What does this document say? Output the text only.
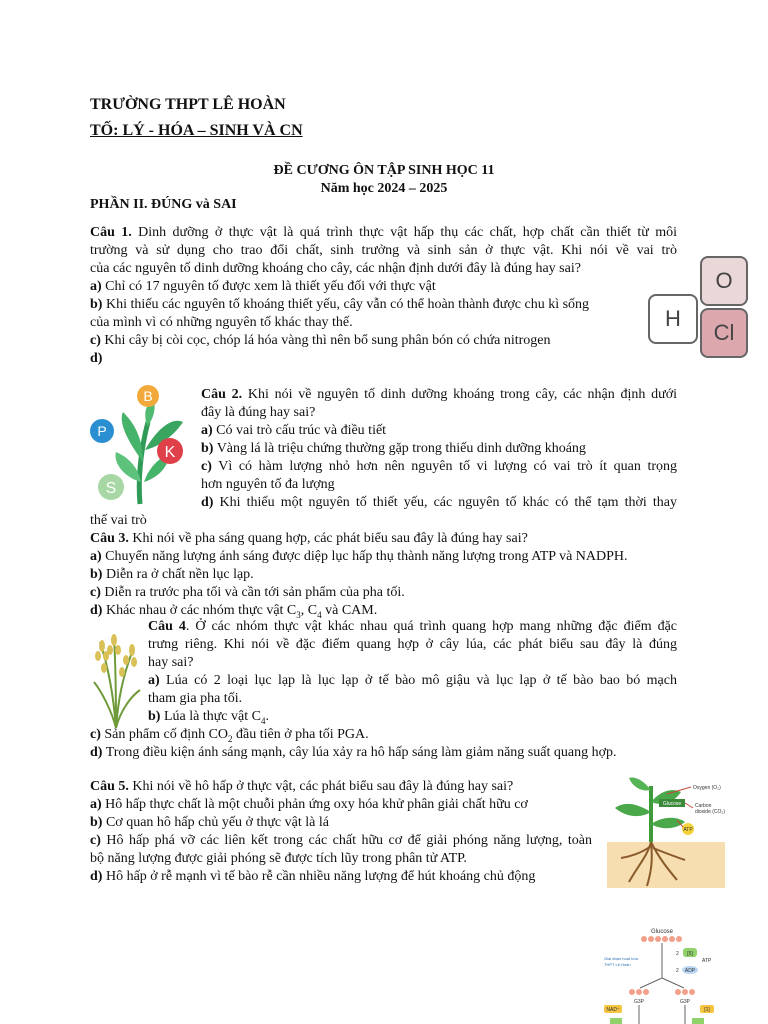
TRƯỜNG THPT LÊ HOÀN
TỐ: LÝ - HÓA – SINH VÀ CN
ĐỀ CƯƠNG ÔN TẬP SINH HỌC 11
Năm học 2024 – 2025
PHẦN II. ĐÚNG và SAI
Câu 1. Dinh dưỡng ở thực vật là quá trình thực vật hấp thụ các chất, hợp chất cần thiết từ môi
trường và sử dụng cho trao đổi chất, sinh trưởng và sinh sản ở thực vật. Khi nói về vai trò
của các nguyên tố dinh dưỡng khoáng cho cây, các nhận định dưới đây là đúng hay sai?
a) Chỉ có 17 nguyên tố được xem là thiết yếu đối với thực vật
b) Khi thiếu các nguyên tố khoáng thiết yếu, cây vẫn có thể hoàn thành được chu kì sống
của mình vì có những nguyên tố khác thay thế.
c) Khi cây bị còi cọc, chóp lá hóa vàng thì nên bổ sung phân bón có chứa nitrogen
d)
H
O
Cl
B
P
K
S
Câu 2. Khi nói về nguyên tố dinh dưỡng khoáng trong cây, các nhận định dưới
đây là đúng hay sai?
a) Có vai trò cấu trúc và điều tiết
b) Vàng lá là triệu chứng thường gặp trong thiếu dinh dưỡng khoáng
c) Vì có hàm lượng nhỏ hơn nên nguyên tố vi lượng có vai trò ít quan trọng
hơn nguyên tố đa lượng
d) Khi thiếu một nguyên tố thiết yếu, các nguyên tố khác có thể tạm thời thay
thế vai trò
Câu 3. Khi nói về pha sáng quang hợp, các phát biểu sau đây là đúng hay sai?
a) Chuyển năng lượng ánh sáng được diệp lục hấp thụ thành năng lượng trong ATP và NADPH.
b) Diễn ra ở chất nền lục lạp.
c) Diễn ra trước pha tối và cần tới sản phẩm của pha tối.
d) Khác nhau ở các nhóm thực vật $C_3$, $C_4$ và CAM.
Câu 4. Ở các nhóm thực vật khác nhau quá trình quang hợp mang những đặc điểm đặc
trưng riêng. Khi nói về đặc điểm quang hợp ở cây lúa, các phát biểu sau đây là đúng
hay sai?
a) Lúa có 2 loại lục lạp là lục lạp ở tế bào mô giậu và lục lạp ở tế bào bao bó mạch
tham gia pha tối.
b) Lúa là thực vật $C_4$.
c) Sản phẩm cố định $CO_2$ đầu tiên ở pha tối PGA.
d) Trong điều kiện ánh sáng mạnh, cây lúa xảy ra hô hấp sáng làm giảm năng suất quang hợp.
Câu 5. Khi nói về hô hấp ở thực vật, các phát biểu sau đây là đúng hay sai?
a) Hô hấp thực chất là một chuỗi phản ứng oxy hóa khử phân giải chất hữu cơ
b) Cơ quan hô hấp chủ yếu ở thực vật là lá
c) Hô hấp phá vỡ các liên kết trong các chất hữu cơ để giải phóng năng lượng, toàn
bộ năng lượng được giải phóng sẽ được tích lũy trong phân tử ATP.
d) Hô hấp ở rễ mạnh vì tế bào rễ cần nhiều năng lượng để hút khoáng chủ động
Glucose
Oxygen (O₂)
Carbon
dioxide (CO₂)
ATP
Glucose
Giai đoạn hoạt hóa
THPT Lê Hoàn
2 [5]
2 ADP
ATP
G3P	G3P
NAD⁺	[1]
